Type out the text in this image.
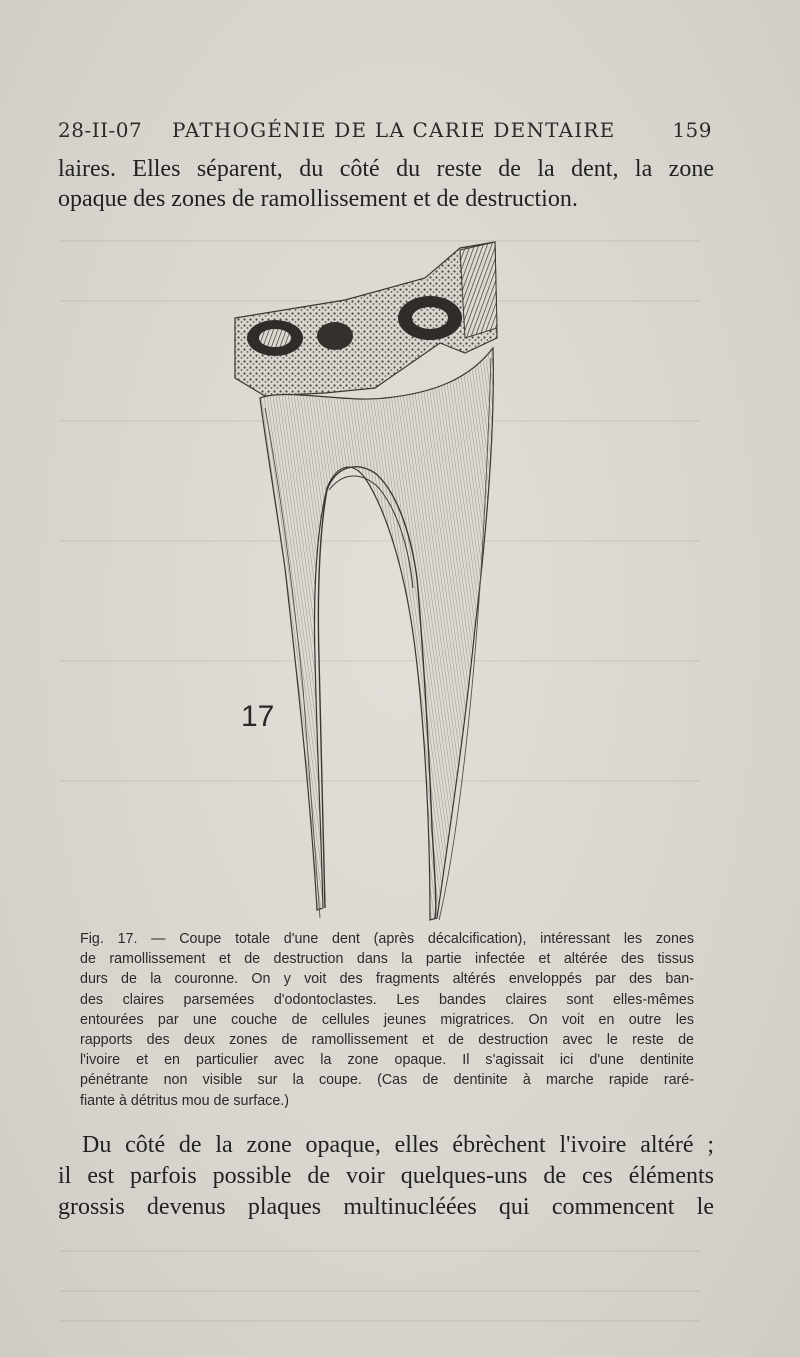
28-II-07 PATHOGÉNIE DE LA CARIE DENTAIRE	159
laires. Elles séparent, du côté du reste de la dent, la zone
opaque des zones de ramollissement et de destruction.
17
Fig. 17. — Coupe totale d'une dent (après décalcification), intéressant les zones
de ramollissement et de destruction dans la partie infectée et altérée des tissus
durs de la couronne. On y voit des fragments altérés enveloppés par des ban-
des claires parsemées d'odontoclastes. Les bandes claires sont elles-mêmes
entourées par une couche de cellules jeunes migratrices. On voit en outre les
rapports des deux zones de ramollissement et de destruction avec le reste de
l'ivoire et en particulier avec la zone opaque. Il s'agissait ici d'une dentinite
pénétrante non visible sur la coupe. (Cas de dentinite à marche rapide raré-
fiante à détritus mou de surface.)
Du côté de la zone opaque, elles ébrèchent l'ivoire altéré ;
il est parfois possible de voir quelques-uns de ces éléments
grossis devenus plaques multinucléées qui commencent le
